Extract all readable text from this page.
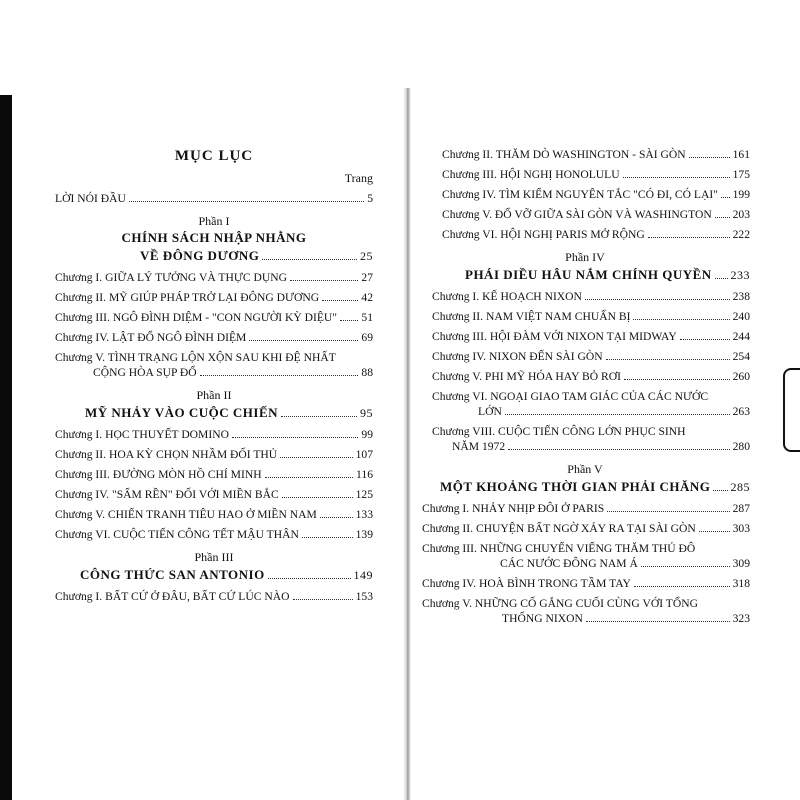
MỤC LỤC
Trang
LỜI NÓI ĐẦU	5
Phần I
CHÍNH SÁCH NHẬP NHẰNG
VỀ ĐÔNG DƯƠNG	25
Chương I. GIỮA LÝ TƯỞNG VÀ THỰC DỤNG	27
Chương II. MỸ GIÚP PHÁP TRỞ LẠI ĐÔNG DƯƠNG	42
Chương III. NGÔ ĐÌNH DIỆM - "CON NGƯỜI KỲ DIỆU" 51
Chương IV. LẬT ĐỔ NGÔ ĐÌNH DIỆM	69
Chương V. TÌNH TRẠNG LỘN XỘN SAU KHI ĐỆ NHẤT
CỘNG HÒA SỤP ĐỔ	88
Phần II
MỸ NHẢY VÀO CUỘC CHIẾN	95
Chương I. HỌC THUYẾT DOMINO	99
Chương II. HOA KỲ CHỌN NHẦM ĐỐI THỦ	107
Chương III. ĐƯỜNG MÒN HỒ CHÍ MINH	116
Chương IV. "SẤM RỀN" ĐỐI VỚI MIỀN BẮC	125
Chương V. CHIẾN TRANH TIÊU HAO Ở MIỀN NAM	133
Chương VI. CUỘC TIẾN CÔNG TẾT MẬU THÂN	139
Phần III
CÔNG THỨC SAN ANTONIO	149
Chương I. BẤT CỨ Ở ĐÂU, BẤT CỨ LÚC NÀO	153
Chương II. THĂM DÒ WASHINGTON - SÀI GÒN	161
Chương III. HỘI NGHỊ HONOLULU	175
Chương IV. TÌM KIẾM NGUYÊN TẮC "CÓ ĐI, CÓ LẠI" 199
Chương V. ĐỔ VỠ GIỮA SÀI GÒN VÀ WASHINGTON 203
Chương VI. HỘI NGHỊ PARIS MỞ RỘNG	222
Phần IV
PHÁI DIỀU HÂU NẮM CHÍNH QUYỀN 233
Chương I. KẾ HOẠCH NIXON	238
Chương II. NAM VIỆT NAM CHUẨN BỊ	240
Chương III. HỘI ĐÀM VỚI NIXON TẠI MIDWAY	244
Chương IV. NIXON ĐẾN SÀI GÒN	254
Chương V. PHI MỸ HÓA HAY BỎ RƠI	260
Chương VI. NGOẠI GIAO TAM GIÁC CỦA CÁC NƯỚC
LỚN	263
Chương VIII. CUỘC TIẾN CÔNG LỚN PHỤC SINH
NĂM 1972	280
Phần V
MỘT KHOẢNG THỜI GIAN PHẢI CHĂNG 285
Chương I. NHẢY NHỊP ĐÔI Ở PARIS	287
Chương II. CHUYỆN BẤT NGỜ XẢY RA TẠI SÀI GÒN	303
Chương III. NHỮNG CHUYẾN VIẾNG THĂM THỦ ĐÔ
CÁC NƯỚC ĐÔNG NAM Á	309
Chương IV. HOÀ BÌNH TRONG TẦM TAY	318
Chương V. NHỮNG CỐ GẮNG CUỐI CÙNG VỚI TỔNG
THỐNG NIXON	323
